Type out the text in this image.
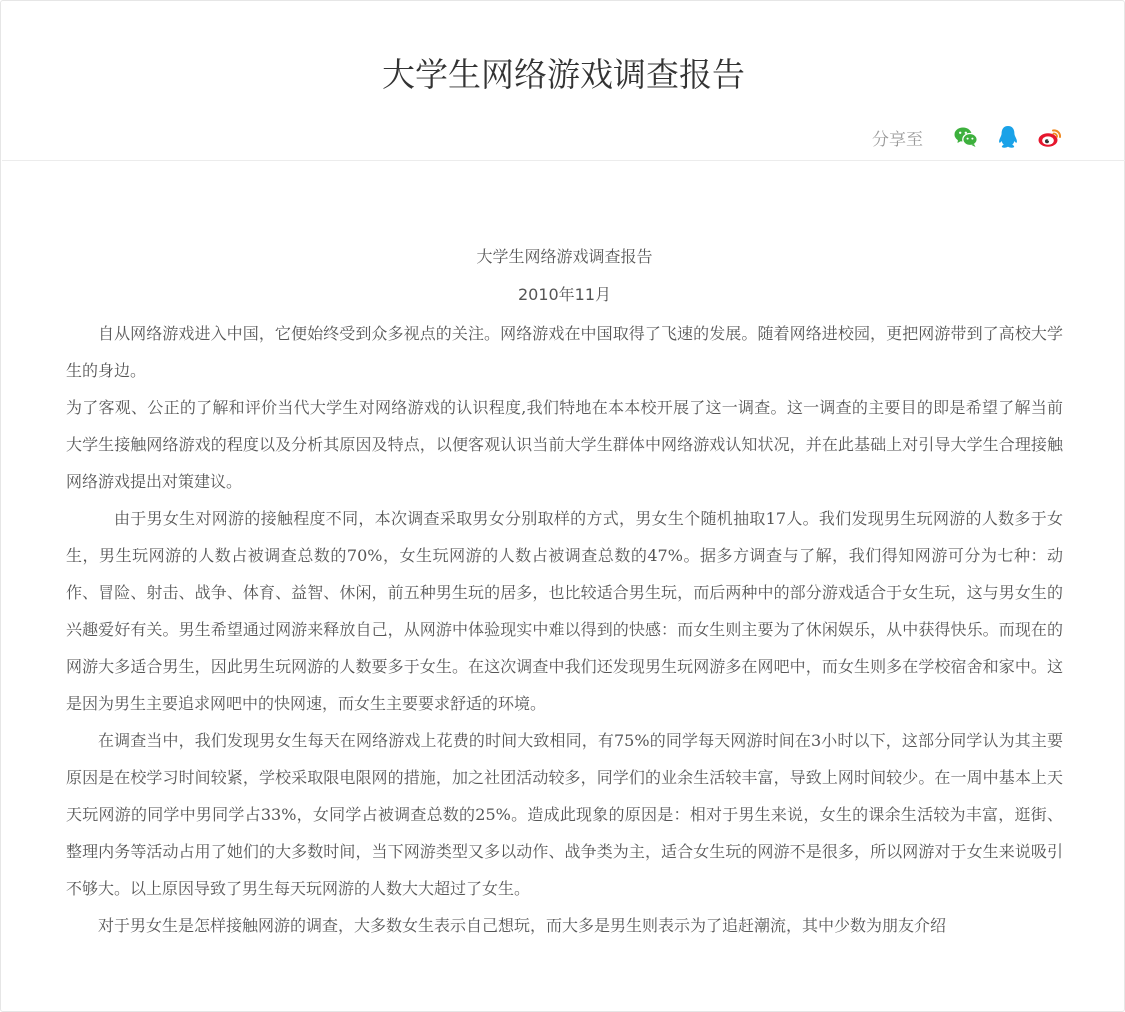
大学生网络游戏调查报告
分享至

大学生网络游戏调查报告

2010年11月

自从网络游戏进入中国，它便始终受到众多视点的关注。网络游戏在中国取得了飞速的发展。随着网络进校园，更把网游带到了高校大学生的身边。

为了客观、公正的了解和评价当代大学生对网络游戏的认识程度,我们特地在本本校开展了这一调查。这一调查的主要目的即是希望了解当前大学生接触网络游戏的程度以及分析其原因及特点，以便客观认识当前大学生群体中网络游戏认知状况，并在此基础上对引导大学生合理接触网络游戏提出对策建议。

由于男女生对网游的接触程度不同，本次调查采取男女分别取样的方式，男女生个随机抽取17人。我们发现男生玩网游的人数多于女生，男生玩网游的人数占被调查总数的70%，女生玩网游的人数占被调查总数的47%。据多方调查与了解，我们得知网游可分为七种：动作、冒险、射击、战争、体育、益智、休闲，前五种男生玩的居多，也比较适合男生玩，而后两种中的部分游戏适合于女生玩，这与男女生的兴趣爱好有关。男生希望通过网游来释放自己，从网游中体验现实中难以得到的快感：而女生则主要为了休闲娱乐，从中获得快乐。而现在的网游大多适合男生，因此男生玩网游的人数要多于女生。在这次调查中我们还发现男生玩网游多在网吧中，而女生则多在学校宿舍和家中。这是因为男生主要追求网吧中的快网速，而女生主要要求舒适的环境。

在调查当中，我们发现男女生每天在网络游戏上花费的时间大致相同，有75%的同学每天网游时间在3小时以下，这部分同学认为其主要原因是在校学习时间较紧，学校采取限电限网的措施，加之社团活动较多，同学们的业余生活较丰富，导致上网时间较少。在一周中基本上天天玩网游的同学中男同学占33%，女同学占被调查总数的25%。造成此现象的原因是：相对于男生来说，女生的课余生活较为丰富，逛街、整理内务等活动占用了她们的大多数时间，当下网游类型又多以动作、战争类为主，适合女生玩的网游不是很多，所以网游对于女生来说吸引不够大。以上原因导致了男生每天玩网游的人数大大超过了女生。

对于男女生是怎样接触网游的调查，大多数女生表示自己想玩，而大多是男生则表示为了追赶潮流，其中少数为朋友介绍
